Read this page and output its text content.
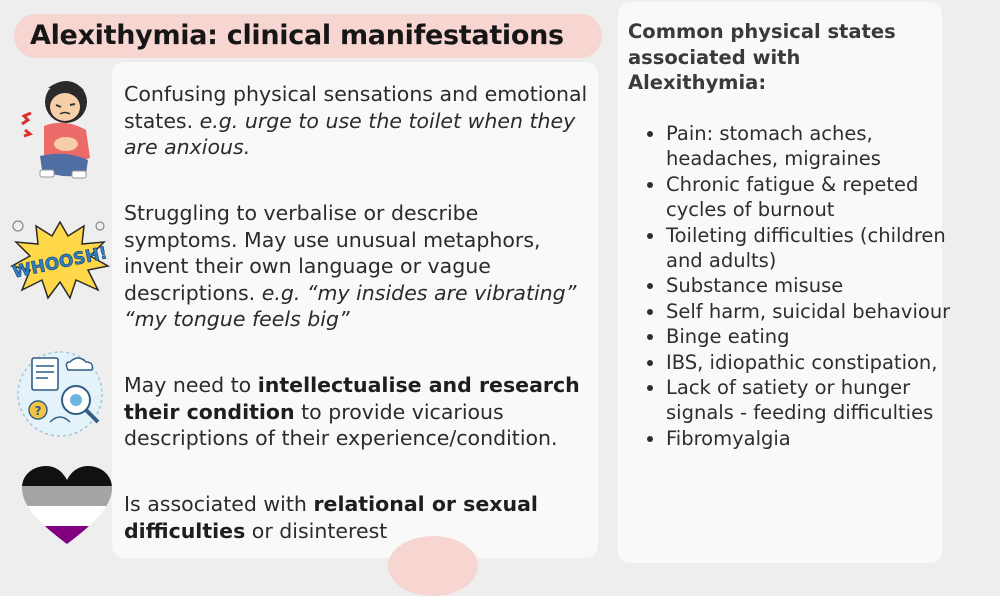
Alexithymia: clinical manifestations
WHOOSH!
?
Confusing physical sensations and emotional states. e.g. urge to use the toilet when they are anxious.
Struggling to verbalise or describe symptoms. May use unusual metaphors, invent their own language or vague descriptions. e.g. “my insides are vibrating” “my tongue feels big”
May need to intellectualise and research their condition to provide vicarious descriptions of their experience/condition.
Is associated with relational or sexual difficulties or disinterest
Common physical states associated with Alexithymia:
• Pain: stomach aches, headaches, migraines
• Chronic fatigue & repeted cycles of burnout
• Toileting difficulties (children and adults)
• Substance misuse
• Self harm, suicidal behaviour
• Binge eating
• IBS, idiopathic constipation,
• Lack of satiety or hunger signals - feeding difficulties
• Fibromyalgia
